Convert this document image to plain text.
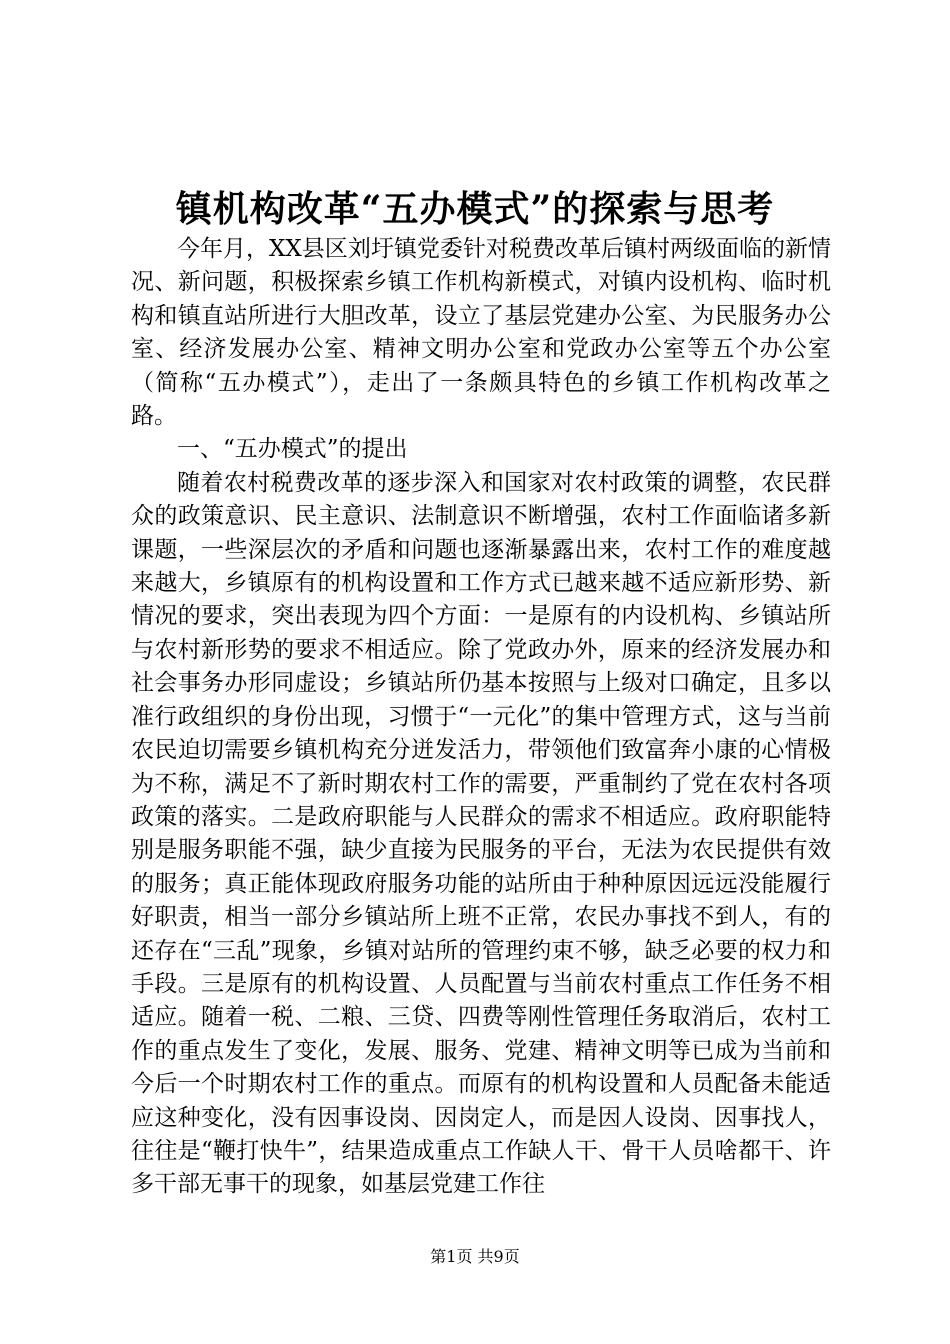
镇机构改革“五办模式”的探索与思考

今年月，XX县区刘圩镇党委针对税费改革后镇村两级面临的新情况、新问题，积极探索乡镇工作机构新模式，对镇内设机构、临时机构和镇直站所进行大胆改革，设立了基层党建办公室、为民服务办公室、经济发展办公室、精神文明办公室和党政办公室等五个办公室（简称“五办模式”），走出了一条颇具特色的乡镇工作机构改革之路。

一、“五办模式”的提出

随着农村税费改革的逐步深入和国家对农村政策的调整，农民群众的政策意识、民主意识、法制意识不断增强，农村工作面临诸多新课题，一些深层次的矛盾和问题也逐渐暴露出来，农村工作的难度越来越大，乡镇原有的机构设置和工作方式已越来越不适应新形势、新情况的要求，突出表现为四个方面：一是原有的内设机构、乡镇站所与农村新形势的要求不相适应。除了党政办外，原来的经济发展办和社会事务办形同虚设；乡镇站所仍基本按照与上级对口确定，且多以准行政组织的身份出现，习惯于“一元化”的集中管理方式，这与当前农民迫切需要乡镇机构充分迸发活力，带领他们致富奔小康的心情极为不称，满足不了新时期农村工作的需要，严重制约了党在农村各项政策的落实。二是政府职能与人民群众的需求不相适应。政府职能特别是服务职能不强，缺少直接为民服务的平台，无法为农民提供有效的服务；真正能体现政府服务功能的站所由于种种原因远远没能履行好职责，相当一部分乡镇站所上班不正常，农民办事找不到人，有的还存在“三乱”现象，乡镇对站所的管理约束不够，缺乏必要的权力和手段。三是原有的机构设置、人员配置与当前农村重点工作任务不相适应。随着一税、二粮、三贷、四费等刚性管理任务取消后，农村工作的重点发生了变化，发展、服务、党建、精神文明等已成为当前和今后一个时期农村工作的重点。而原有的机构设置和人员配备未能适应这种变化，没有因事设岗、因岗定人，而是因人设岗、因事找人，往往是“鞭打快牛”，结果造成重点工作缺人干、骨干人员啥都干、许多干部无事干的现象，如基层党建工作往

第1页 共9页
